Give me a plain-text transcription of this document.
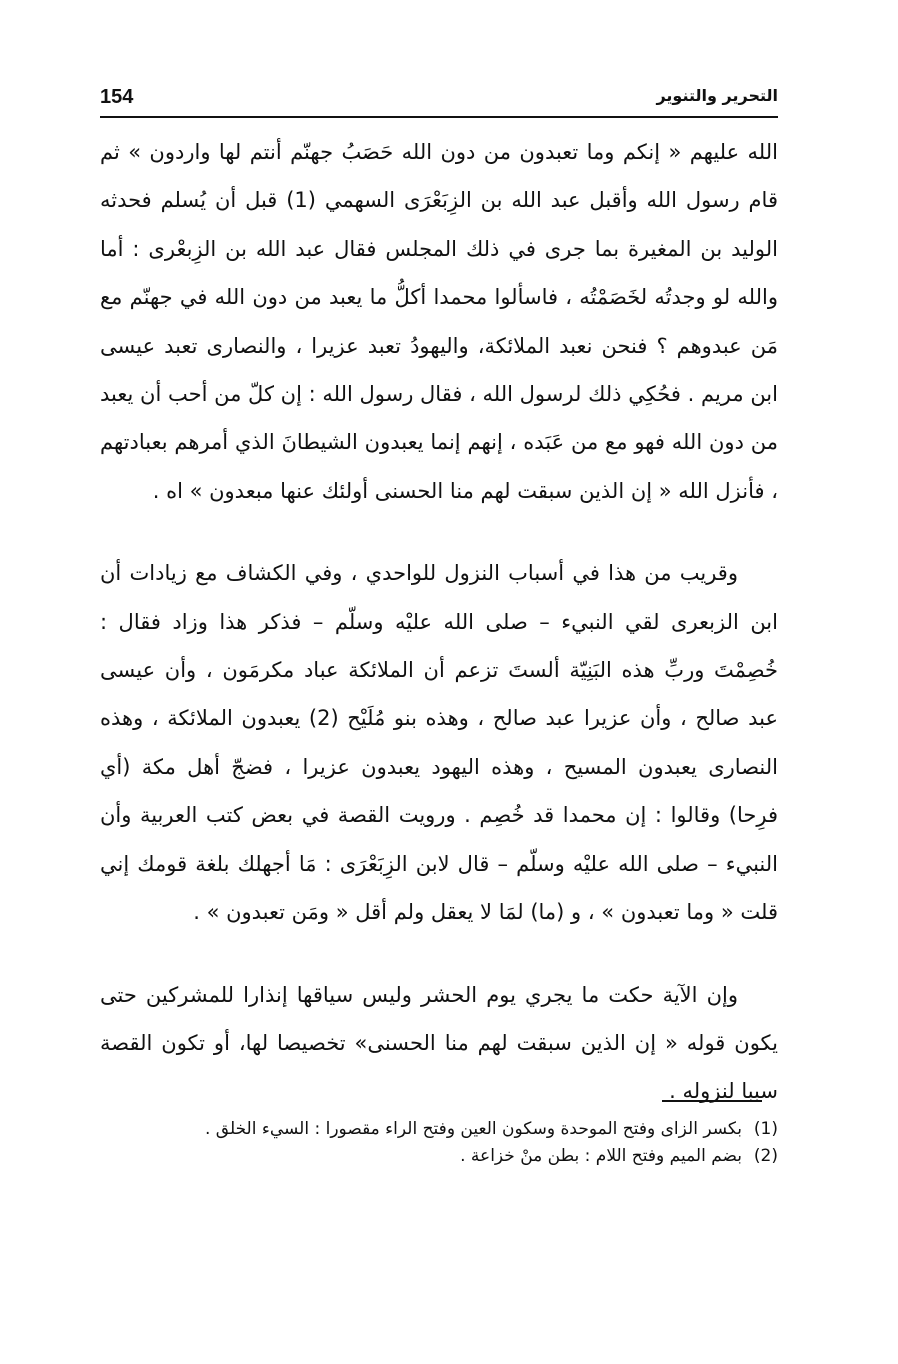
154	التحرير والتنوير

الله عليهم « إنكم وما تعبدون من دون الله حَصَبُ جهنّم أنتم لها واردون » ثم قام رسول الله وأقبل عبد الله بن الزِبَعْرَى السهمي (1) قبل أن يُسلم فحدثه الوليد بن المغيرة بما جرى في ذلك المجلس فقال عبد الله بن الزِبعْرى : أما والله لو وجدتُه لخَصَمْتُه ، فاسألوا محمدا أكلُّ ما يعبد من دون الله في جهنّم مع مَن عبدوهم ؟ فنحن نعبد الملائكة، واليهودُ تعبد عزيرا ، والنصارى تعبد عيسى ابن مريم . فحُكِي ذلك لرسول الله ، فقال رسول الله : إن كلّ من أحب أن يعبد من دون الله فهو مع من عَبَده ، إنهم إنما يعبدون الشيطانَ الذي أمرهم بعبادتهم ، فأنزل الله « إن الذين سبقت لهم منا الحسنى أولئك عنها مبعدون » اه .

وقريب من هذا في أسباب النزول للواحدي ، وفي الكشاف مع زيادات أن ابن الزبعرى لقي النبيء – صلى الله عليْه وسلّم – فذكر هذا وزاد فقال : خُصِمْتَ وربِّ هذه البَنِيّة ألستَ تزعم أن الملائكة عباد مكرمَون ، وأن عيسى عبد صالح ، وأن عزيرا عبد صالح ، وهذه بنو مُلَيْح (2) يعبدون الملائكة ، وهذه النصارى يعبدون المسيح ، وهذه اليهود يعبدون عزيرا ، فضجّ أهل مكة (أي فرِحا) وقالوا : إن محمدا قد خُصِم . ورويت القصة في بعض كتب العربية وأن النبيء – صلى الله عليْه وسلّم – قال لابن الزِبَعْرَى : مَا أجهلك بلغة قومك إني قلت « وما تعبدون » ، و (ما) لمَا لا يعقل ولم أقل « ومَن تعبدون » .

وإن الآية حكت ما يجري يوم الحشر وليس سياقها إنذارا للمشركين حتى يكون قوله « إن الذين سبقت لهم منا الحسنى» تخصيصا لها، أو تكون القصة سببا لنزوله .

(1)
بكسر الزاى وفتح الموحدة وسكون العين وفتح الراء مقصورا : السيء الخلق .
(2)
بضم الميم وفتح اللام : بطن منْ خزاعة .
